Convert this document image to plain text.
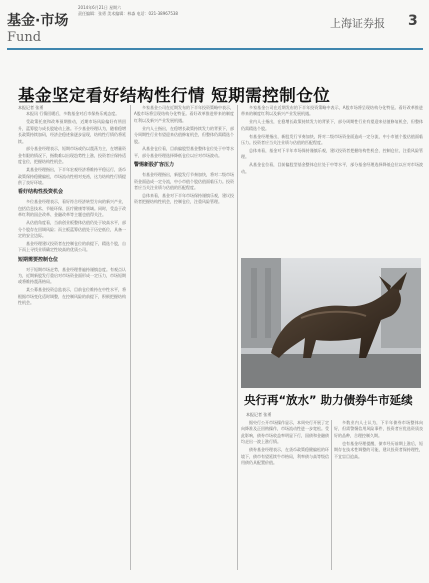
基金·市场
Fund
2014年6月21日 星期六
责任编辑：张勇 美术编辑：林淼 电话：021-38967538
上海证券报 3
基金坚定看好结构性行情 短期需控制仓位
本报记者 张勇

本报讯 行情回暖后，多数基金对后市保持乐观态度。

受政策托底和改革预期推动，近期市场风险偏好有所回升，蓝筹股与成长股轮动上涨。不少基金经理认为，随着稳增长政策持续加码，经济企稳迹象逐步显现，结构性行情仍将延续。

部分基金经理表示，短期市场或仍以震荡为主，在增量资金有限的情况下，指数难以出现趋势性上涨，投资者应保持适度仓位，把握结构性机会。

某基金经理指出，下半年宏观经济将维持平稳运行，货币政策保持稳健偏松，市场流动性相对充裕，这为结构性行情提供了良好环境。

看好结构性投资机会

多位基金经理表示，看好符合经济转型方向的新兴产业，包括信息技术、节能环保、医疗健康等领域。同时，受益于改革红利的国企改革、金融改革等主题也值得关注。

从估值角度看，当前创业板整体估值仍处于较高水平，部分个股存在回调风险；而主板蓝筹估值处于历史低位，具备一定的安全边际。

基金经理建议投资者在控制仓位的前提下，精选个股，自下而上寻找业绩确定性较高的优质公司。

短期需要控制仓位

对于短期市场走势，基金经理普遍持谨慎态度。有观点认为，近期新股发行重启对市场资金面形成一定压力，市场短期或将维持震荡格局。

某公募基金投资总监表示，目前仓位维持在中性水平，将根据市场变化适时调整，在控制风险的前提下，积极把握结构性机会。

多家基金公司在近期发布的下半年投资策略中表示，A股市场将呈现结构分化特征。看好改革推进带来的制度红利以及新兴产业发展机遇。

业内人士指出，在稳增长政策持续发力的背景下，部分周期性行业有望迎来估值修复机会，但整体仍需精选个股。

从基金仓位看，目前偏股型基金整体仓位处于中等水平，部分基金经理选择降低仓位以应对市场波动。

警惕新股扩容压力

有基金经理指出，新股发行节奏加快，将对二级市场资金面造成一定分流，中小市值个股估值面临压力。投资者应当关注业绩与估值的匹配程度。

总体来看，基金对下半年市场保持谨慎乐观，建议投资者把握结构性机会，控制仓位，注重风险管理。

多家基金公司在近期发布的下半年投资策略中表示，A股市场将呈现结构分化特征。看好改革推进带来的制度红利以及新兴产业发展机遇。

业内人士指出，在稳增长政策持续发力的背景下，部分周期性行业有望迎来估值修复机会，但整体仍需精选个股。

有基金经理指出，新股发行节奏加快，将对二级市场资金面造成一定分流，中小市值个股估值面临压力。投资者应当关注业绩与估值的匹配程度。

总体来看，基金对下半年市场保持谨慎乐观，建议投资者把握结构性机会，控制仓位，注重风险管理。

从基金仓位看，目前偏股型基金整体仓位处于中等水平，部分基金经理选择降低仓位以应对市场波动。

央行再“放水” 助力债券牛市延续
本报记者 张勇

据央行公开市场操作显示，本周央行开展了定向降准及正回购操作，市场流动性进一步宽松。受此影响，债券市场收益率明显下行，国债和金融债均走出一波上涨行情。

债券基金经理表示，在货币政策稳健偏松的环境下，债市有望延续牛市格局，利率债与高等级信用债仍具配置价值。

多数业内人士认为，下半年债券市场整体向好，但需警惕信用风险事件，投资者应优选资质良好的品种，合理控制久期。

也有基金经理提醒，债市经历前期上涨后，短期存在技术性调整的可能，建议投资者保持理性，不宜盲目追高。
